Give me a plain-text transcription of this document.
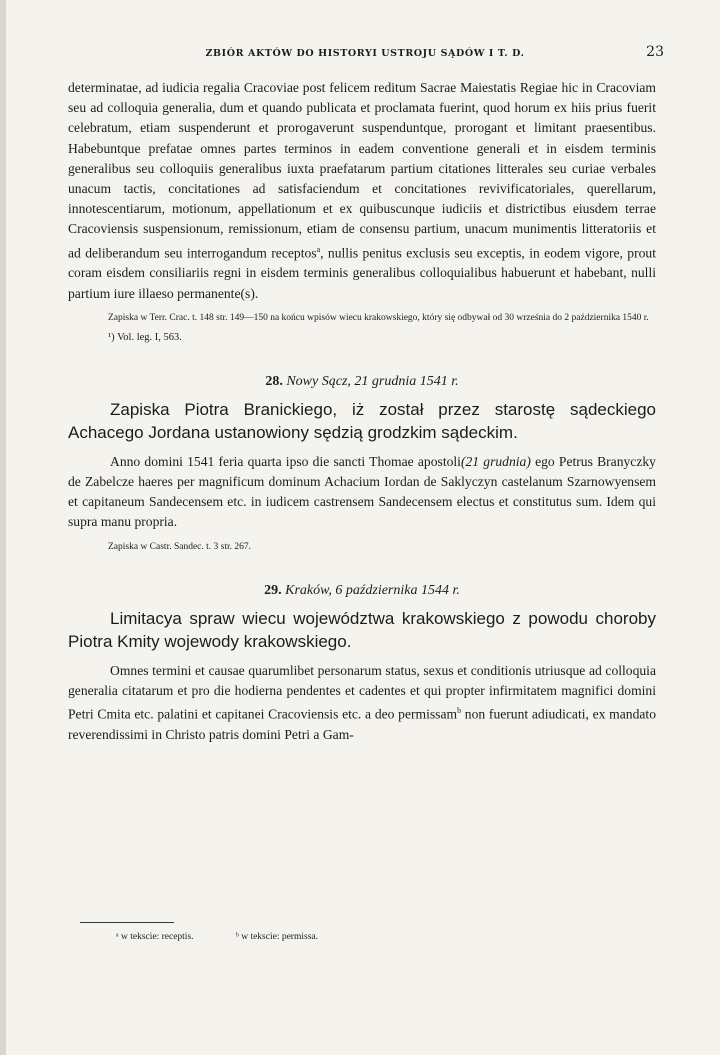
ZBIÓR AKTÓW DO HISTORYI USTROJU SĄDÓW I T. D.	23

determinatae, ad iudicia regalia Cracoviae post felicem reditum Sacrae Maiestatis Regiae hic in Cracoviam seu ad colloquia generalia, dum et quando publicata et proclamata fuerint, quod horum ex hiis prius fuerit celebratum, etiam suspenderunt et prorogaverunt suspenduntque, prorogant et limitant praesentibus. Habebuntque prefatae omnes partes terminos in eadem conventione generali et in eisdem terminis generalibus seu colloquiis generalibus iuxta praefatarum partium citationes litterales seu curiae verbales unacum tactis, concitationes ad satisfaciendum et concitationes revivificatoriales, querellarum, innotescentiarum, motionum, appellationum et ex quibuscunque iudiciis et districtibus eiusdem terrae Cracoviensis suspensionum, remissionum, etiam de consensu partium, unacum munimentis litteratoriis et ad deliberandum seu interrogandum receptos$^a$, nullis penitus exclusis seu exceptis, in eodem vigore, prout coram eisdem consiliariis regni in eisdem terminis generalibus colloquialibus habuerunt et habebant, nulli partium iure illaeso permanente(s).

Zapiska w Terr. Crac. t. 148 str. 149—150 na końcu wpisów wiecu krakowskiego, który się odbywał od 30 września do 2 października 1540 r.

¹) Vol. leg. I, 563.

28. Nowy Sącz, 21 grudnia 1541 r.

Zapiska Piotra Branickiego, iż został przez starostę sądeckiego Achacego Jordana ustanowiony sędzią grodzkim sądeckim.

Anno domini 1541 feria quarta ipso die sancti Thomae apostoli(21 grudnia) ego Petrus Branyczky de Zabelcze haeres per magnificum dominum Achacium Iordan de Saklyczyn castelanum Szarnowyensem et capitaneum Sandecensem etc. in iudicem castrensem Sandecensem electus et constitutus sum. Idem qui supra manu propria.

Zapiska w Castr. Sandec. t. 3 str. 267.

29. Kraków, 6 października 1544 r.

Limitacya spraw wiecu województwa krakowskiego z powodu choroby Piotra Kmity wojewody krakowskiego.

Omnes termini et causae quarumlibet personarum status, sexus et conditionis utriusque ad colloquia generalia citatarum et pro die hodierna pendentes et cadentes et qui propter infirmitatem magnifici domini Petri Cmita etc. palatini et capitanei Cracoviensis etc. a deo permissam$^b$ non fuerunt adiudicati, ex mandato reverendissimi in Christo patris domini Petri a Gam-

ᵃ w tekscie: receptis.	ᵇ w tekscie: permissa.
